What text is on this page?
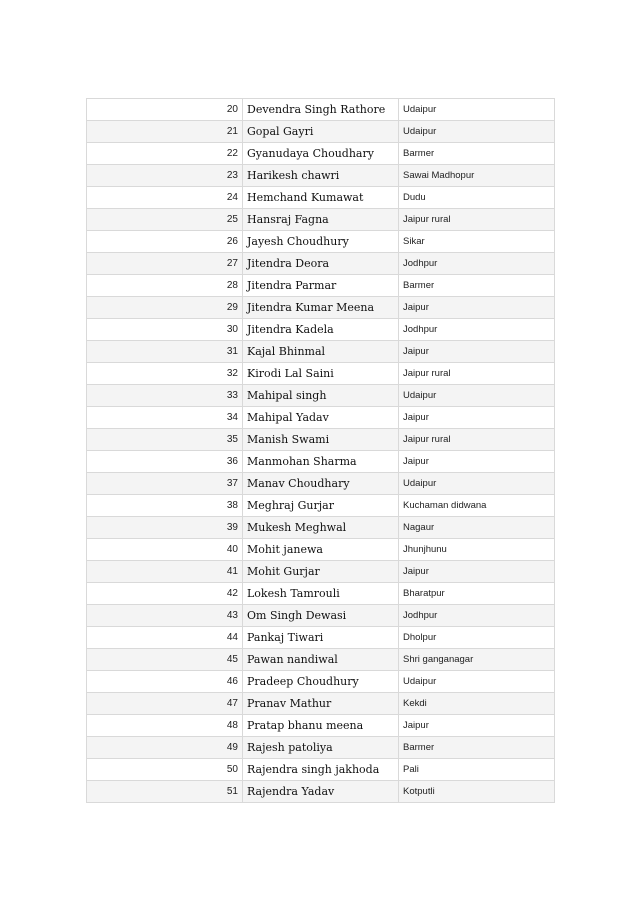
20	Devendra Singh Rathore	Udaipur
21	Gopal Gayri	Udaipur
22	Gyanudaya Choudhary	Barmer
23	Harikesh chawri	Sawai Madhopur
24	Hemchand Kumawat	Dudu
25	Hansraj Fagna	Jaipur rural
26	Jayesh Choudhury	Sikar
27	Jitendra Deora	Jodhpur
28	Jitendra Parmar	Barmer
29	Jitendra Kumar Meena	Jaipur
30	Jitendra Kadela	Jodhpur
31	Kajal Bhinmal	Jaipur
32	Kirodi Lal Saini	Jaipur rural
33	Mahipal singh	Udaipur
34	Mahipal Yadav	Jaipur
35	Manish Swami	Jaipur rural
36	Manmohan Sharma	Jaipur
37	Manav Choudhary	Udaipur
38	Meghraj Gurjar	Kuchaman didwana
39	Mukesh Meghwal	Nagaur
40	Mohit janewa	Jhunjhunu
41	Mohit Gurjar	Jaipur
42	Lokesh Tamrouli	Bharatpur
43	Om Singh Dewasi	Jodhpur
44	Pankaj Tiwari	Dholpur
45	Pawan nandiwal	Shri ganganagar
46	Pradeep Choudhury	Udaipur
47	Pranav Mathur	Kekdi
48	Pratap bhanu meena	Jaipur
49	Rajesh patoliya	Barmer
50	Rajendra singh jakhoda	Pali
51	Rajendra Yadav	Kotputli
